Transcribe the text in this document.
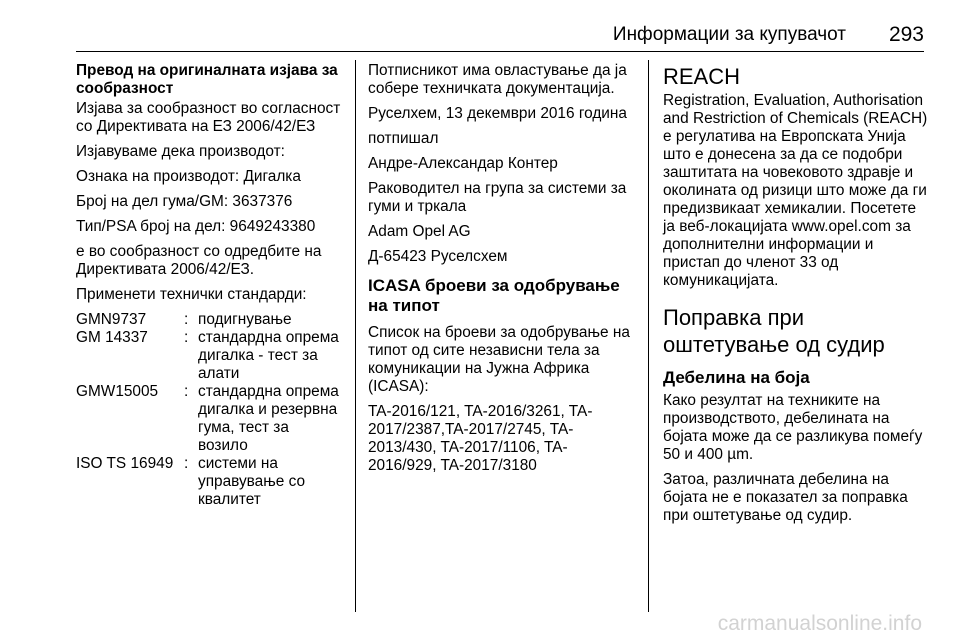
Информации за купувачот 293

Превод на оригиналната изјава за сообразност

Изјава за сообразност во согласност со Директивата на ЕЗ 2006/42/ЕЗ

Изјавуваме дека производот:

Ознака на производот: Дигалка

Број на дел гума/GM: 3637376

Тип/PSA број на дел: 9649243380

е во сообразност со одредбите на Директивата 2006/42/ЕЗ.

Применети технички стандарди:

GMN9737	: подигнување
GM 14337	: стандардна опрема дигалка - тест за алати
GMW15005	: стандардна опрема дигалка и резервна гума, тест за возило
ISO TS 16949 : системи на управување со квалитет

Потписникот има овластување да ја собере техничката документација.

Руселхем, 13 декември 2016 година

потпишал

Андре-Александар Контер

Раководител на група за системи за гуми и тркала

Adam Opel AG

Д-65423 Руселсхем

ICASA броеви за одобрување на типот

Список на броеви за одобрување на типот од сите независни тела за комуникации на Јужна Африка (ICASA):

TA-2016/121, TA-2016/3261, TA-2017/2387,TA-2017/2745, TA-2013/430, TA-2017/1106, TA-2016/929, TA-2017/3180

REACH

Registration, Evaluation, Authorisation and Restriction of Chemicals (REACH) е регулатива на Европската Унија што е донесена за да се подобри заштитата на човековото здравје и околината од ризици што може да ги предизвикаат хемикалии. Посетете ја веб-локацијата www.opel.com за дополнителни информации и пристап до членот 33 од комуникацијата.

Поправка при оштетување од судир

Дебелина на боја

Како резултат на техниките на производството, дебелината на бојата може да се разликува помеѓу 50 и 400 µm.

Затоа, различната дебелина на бојата не е показател за поправка при оштетување од судир.

carmanualsonline.info
